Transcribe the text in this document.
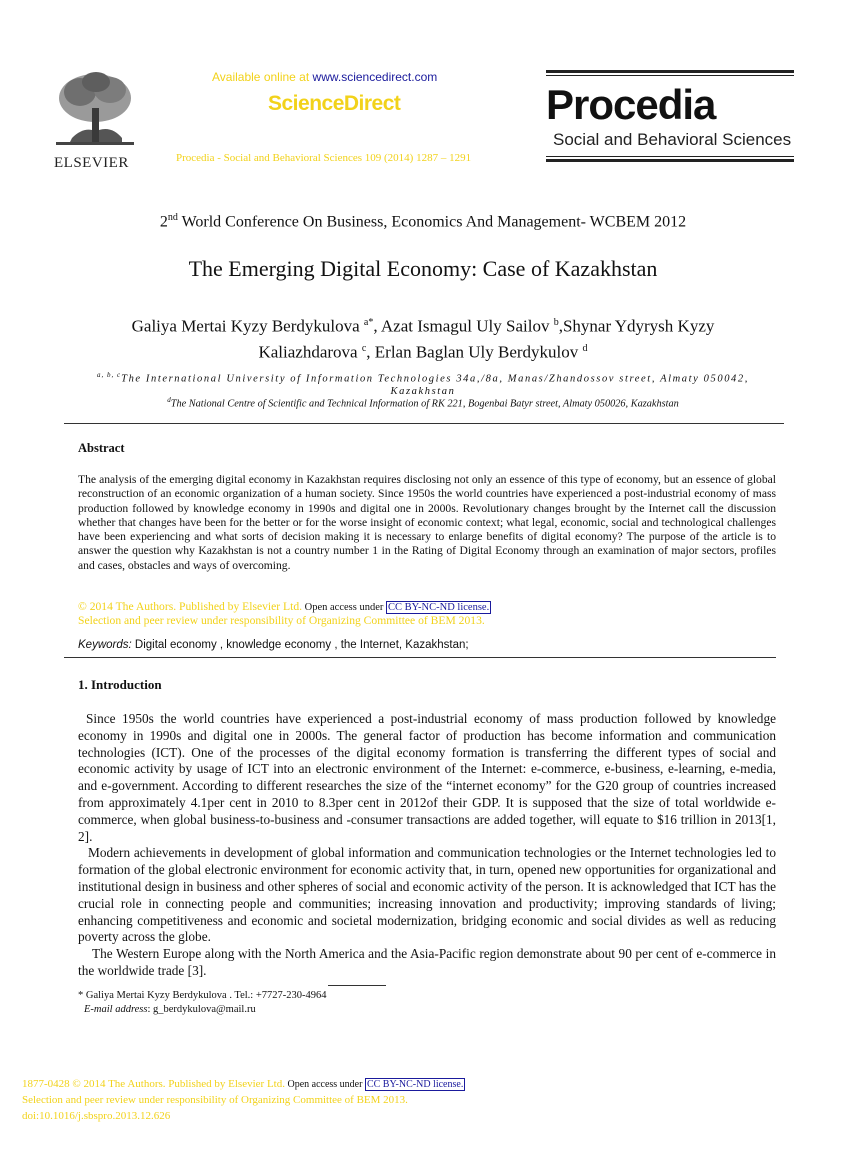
ELSEVIER
Available online at www.sciencedirect.com
ScienceDirect
Procedia - Social and Behavioral Sciences 109 (2014) 1287 – 1291
Procedia
Social and Behavioral Sciences
2nd World Conference On Business, Economics And Management- WCBEM 2012
The Emerging Digital Economy: Case of Kazakhstan
Galiya Mertai Kyzy Berdykulova $^{a*}$, Azat Ismagul Uly Sailov $^b$,Shynar Ydyrysh Kyzy
Kaliazhdarova $^c$, Erlan Baglan Uly Berdykulov $^d$
$^{a, b, c}$The International University of Information Technologies 34a,/8a, Manas/Zhandossov street, Almaty 050042,
Kazakhstan
$^d$The National Centre of Scientific and Technical Information of RK 221, Bogenbai Batyr street, Almaty 050026, Kazakhstan
Abstract
The analysis of the emerging digital economy in Kazakhstan requires disclosing not only an essence of this type of economy, but an essence of global reconstruction of an economic organization of a human society. Since 1950s the world countries have experienced a post-industrial economy of mass production followed by knowledge economy in 1990s and digital one in 2000s. Revolutionary changes brought by the Internet call the discussion whether that changes have been for the better or for the worse insight of economic context; what legal, economic, social and technological challenges have been experiencing and what sorts of decision making it is necessary to enlarge benefits of digital economy? The purpose of the article is to answer the question why Kazakhstan is not a country number 1 in the Rating of Digital Economy through an examination of major sectors, profiles and cases, obstacles and ways of overcoming.
© 2014 The Authors. Published by Elsevier Ltd. Open access under CC BY-NC-ND license.
Selection and peer review under responsibility of Organizing Committee of BEM 2013.
Keywords: Digital economy , knowledge economy , the Internet, Kazakhstan;
1. Introduction

Since 1950s the world countries have experienced a post-industrial economy of mass production followed by knowledge economy in 1990s and digital one in 2000s. The general factor of production has become information and communication technologies (ICT). One of the processes of the digital economy formation is transferring the different types of social and economic activity by usage of ICT into an electronic environment of the Internet: e-commerce, e-business, e-learning, e-media, and e-government. According to different researches the size of the “internet economy” for the G20 group of countries increased from approximately 4.1per cent in 2010 to 8.3per cent in 2012of their GDP. It is supposed that the size of total worldwide e-commerce, when global business-to-business and -consumer transactions are added together, will equate to $16 trillion in 2013[1, 2].

Modern achievements in development of global information and communication technologies or the Internet technologies led to formation of the global electronic environment for economic activity that, in turn, opened new opportunities for organizational and institutional design in business and other spheres of social and economic activity of the person. It is acknowledged that ICT has the crucial role in connecting people and communities; increasing innovation and productivity; improving standards of living; enhancing competitiveness and economic and societal modernization, bridging economic and social divides as well as reducing poverty across the globe.

The Western Europe along with the North America and the Asia-Pacific region demonstrate about 90 per cent of e-commerce in the worldwide trade [3].

* Galiya Mertai Kyzy Berdykulova . Tel.: +7727-230-4964
E-mail address: g_berdykulova@mail.ru
1877-0428 © 2014 The Authors. Published by Elsevier Ltd. Open access under CC BY-NC-ND license.
Selection and peer review under responsibility of Organizing Committee of BEM 2013.
doi:10.1016/j.sbspro.2013.12.626
